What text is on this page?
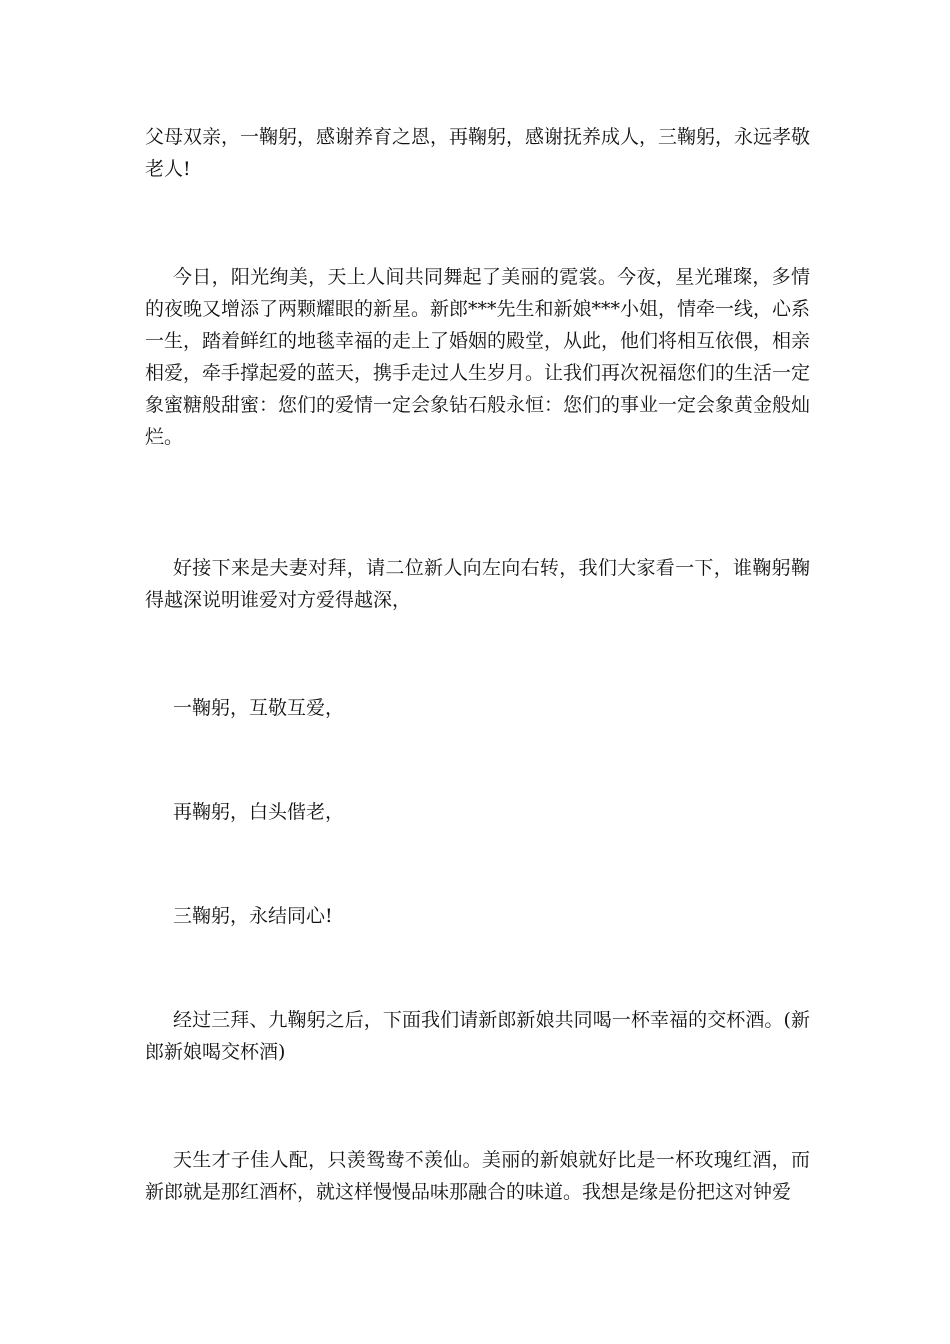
父母双亲，一鞠躬，感谢养育之恩，再鞠躬，感谢抚养成人，三鞠躬，永远孝敬老人!

今日，阳光绚美，天上人间共同舞起了美丽的霓裳。今夜，星光璀璨，多情的夜晚又增添了两颗耀眼的新星。新郎***先生和新娘***小姐，情牵一线，心系一生，踏着鲜红的地毯幸福的走上了婚姻的殿堂，从此，他们将相互依偎，相亲相爱，牵手撑起爱的蓝天，携手走过人生岁月。让我们再次祝福您们的生活一定象蜜糖般甜蜜：您们的爱情一定会象钻石般永恒：您们的事业一定会象黄金般灿烂。

好接下来是夫妻对拜，请二位新人向左向右转，我们大家看一下，谁鞠躬鞠得越深说明谁爱对方爱得越深，

一鞠躬，互敬互爱，

再鞠躬，白头偕老，

三鞠躬，永结同心!

经过三拜、九鞠躬之后，下面我们请新郎新娘共同喝一杯幸福的交杯酒。(新郎新娘喝交杯酒)

天生才子佳人配，只羡鸳鸯不羡仙。美丽的新娘就好比是一杯玫瑰红酒，而新郎就是那红酒杯，就这样慢慢品味那融合的味道。我想是缘是份把这对钟爱
